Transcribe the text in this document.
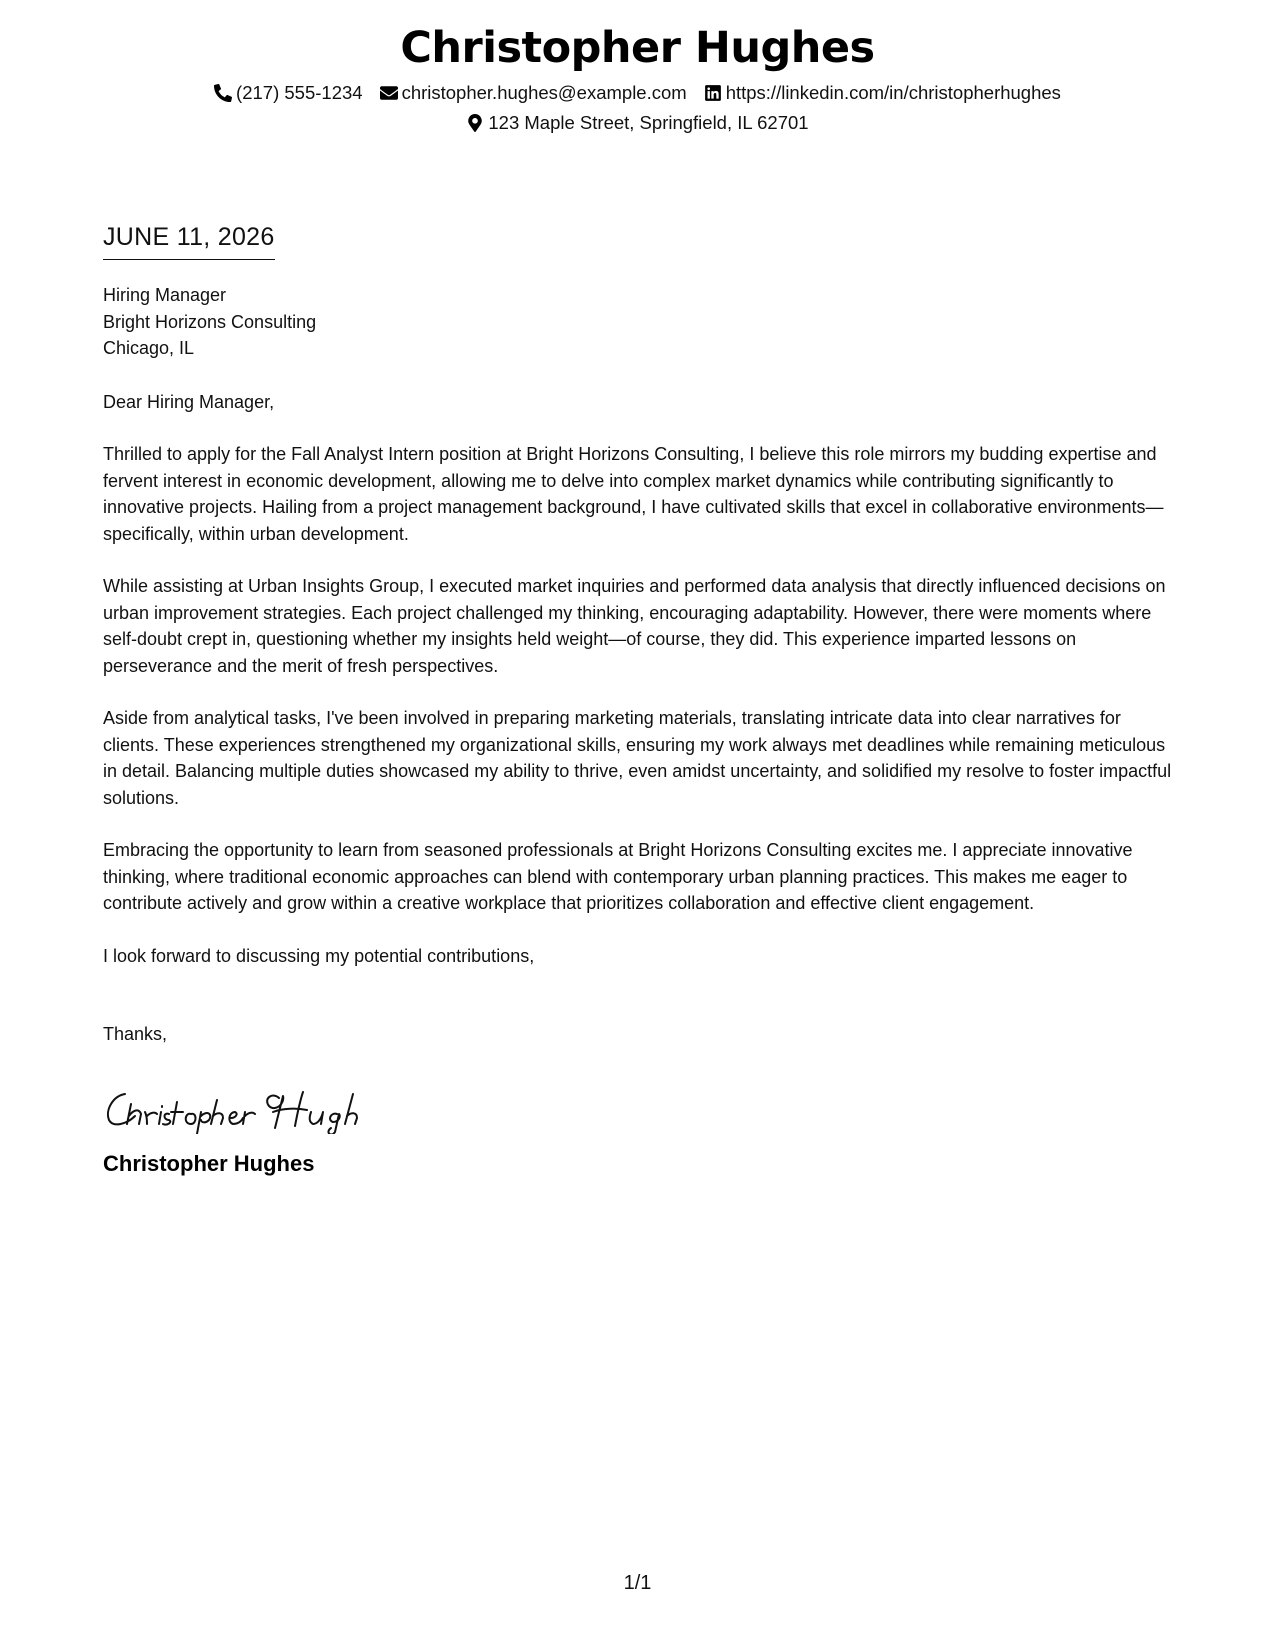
Christopher Hughes
(217) 555-1234 christopher.hughes@example.com https://linkedin.com/in/christopherhughes
123 Maple Street, Springfield, IL 62701
JUNE 11, 2026
Hiring Manager
Bright Horizons Consulting
Chicago, IL
Dear Hiring Manager,
Thrilled to apply for the Fall Analyst Intern position at Bright Horizons Consulting, I believe this role mirrors my budding expertise and fervent interest in economic development, allowing me to delve into complex market dynamics while contributing significantly to innovative projects. Hailing from a project management background, I have cultivated skills that excel in collaborative environments—specifically, within urban development.
While assisting at Urban Insights Group, I executed market inquiries and performed data analysis that directly influenced decisions on urban improvement strategies. Each project challenged my thinking, encouraging adaptability. However, there were moments where self-doubt crept in, questioning whether my insights held weight—of course, they did. This experience imparted lessons on perseverance and the merit of fresh perspectives.
Aside from analytical tasks, I've been involved in preparing marketing materials, translating intricate data into clear narratives for clients. These experiences strengthened my organizational skills, ensuring my work always met deadlines while remaining meticulous in detail. Balancing multiple duties showcased my ability to thrive, even amidst uncertainty, and solidified my resolve to foster impactful solutions.
Embracing the opportunity to learn from seasoned professionals at Bright Horizons Consulting excites me. I appreciate innovative thinking, where traditional economic approaches can blend with contemporary urban planning practices. This makes me eager to contribute actively and grow within a creative workplace that prioritizes collaboration and effective client engagement.
I look forward to discussing my potential contributions,
Thanks,
Christopher Hughes
1/1
